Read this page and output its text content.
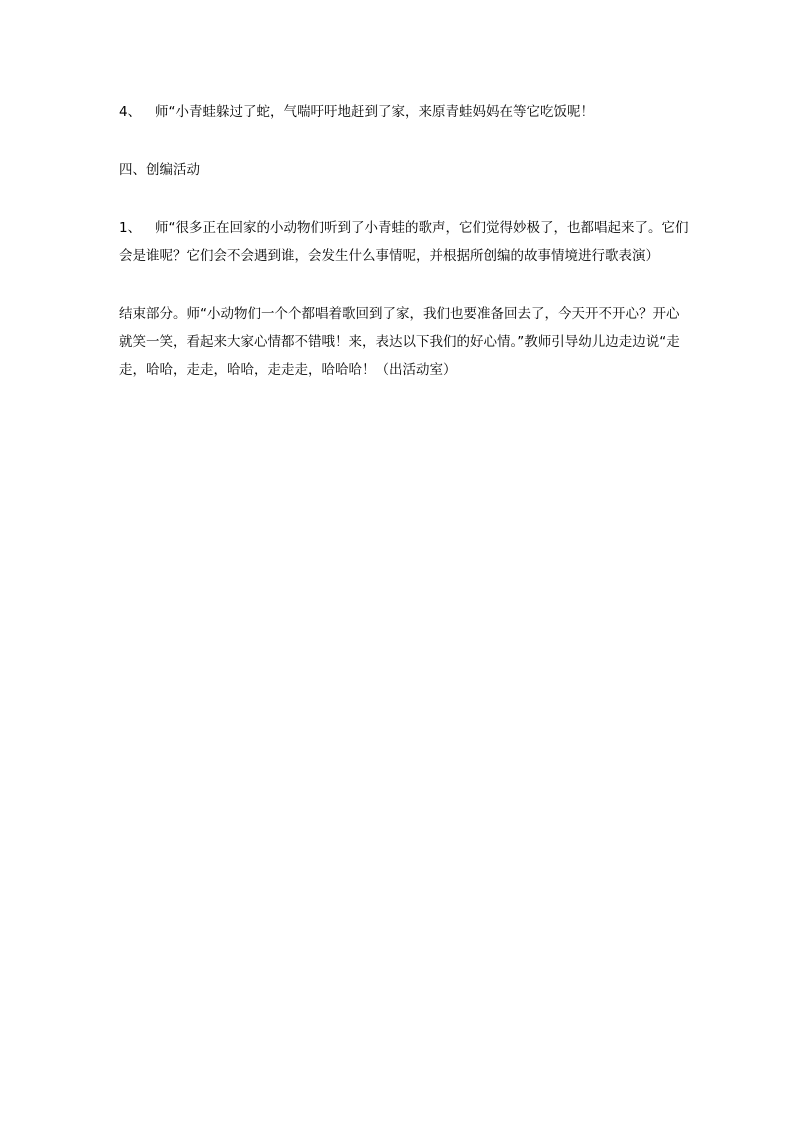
4、 师“小青蛙躲过了蛇，气喘吁吁地赶到了家，来原青蛙妈妈在等它吃饭呢！

四、创编活动

1、 师“很多正在回家的小动物们听到了小青蛙的歌声，它们觉得妙极了，也都唱起来了。它们会是谁呢？它们会不会遇到谁，会发生什么事情呢，并根据所创编的故事情境进行歌表演）

结束部分。师“小动物们一个个都唱着歌回到了家，我们也要准备回去了，今天开不开心？开心就笑一笑，看起来大家心情都不错哦！来，表达以下我们的好心情。”教师引导幼儿边走边说“走走，哈哈，走走，哈哈，走走走，哈哈哈！（出活动室）
